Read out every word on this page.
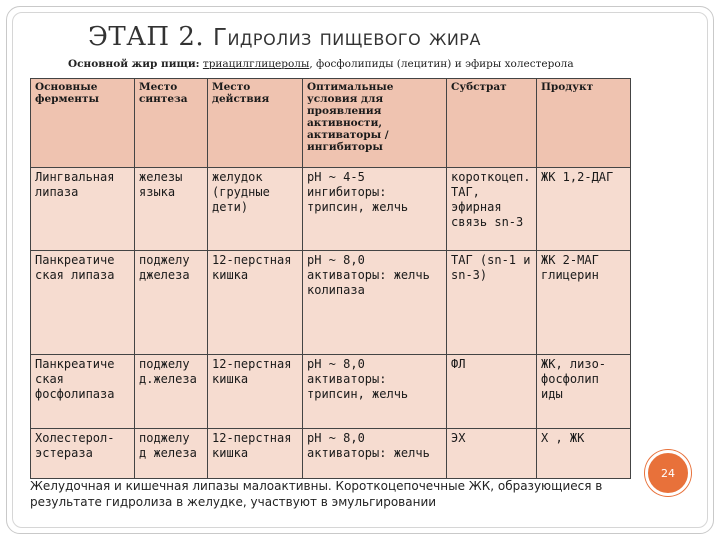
ЭТАП 2. Гидролиз пищевого жира
Основной жир пищи: триацилглицеролы, фосфолипиды (лецитин) и эфиры холестерола
Основные ферменты	Место синтеза	Место действия	Оптимальные условия для проявления активности, активаторы /ингибиторы	Субстрат	Продукт
Лингвальная липаза	железы языка	желудок (грудные дети)	рН ~ 4-5 ингибиторы: трипсин, желчь	короткоцеп. ТАГ, эфирная связь sn-3	ЖК 1,2-ДАГ
Панкреатиче ская липаза	поджелу джелеза	12-перстная кишка	рН ~ 8,0 активаторы: желчь колипаза	ТАГ (sn-1 и sn-3)	ЖК 2-МАГ глицерин
Панкреатиче ская фосфолипаза	поджелу д.железа	12-перстная кишка	рН ~ 8,0 активаторы: трипсин, желчь	ФЛ	ЖК, лизо-фосфолип иды
Холестерол-эстераза	поджелу д железа	12-перстная кишка	рН ~ 8,0 активаторы: желчь	ЭХ	Х , ЖК
Желудочная и кишечная липазы малоактивны. Короткоцепочечные ЖК, образующиеся в результате гидролиза в желудке, участвуют в эмульгировании
24
